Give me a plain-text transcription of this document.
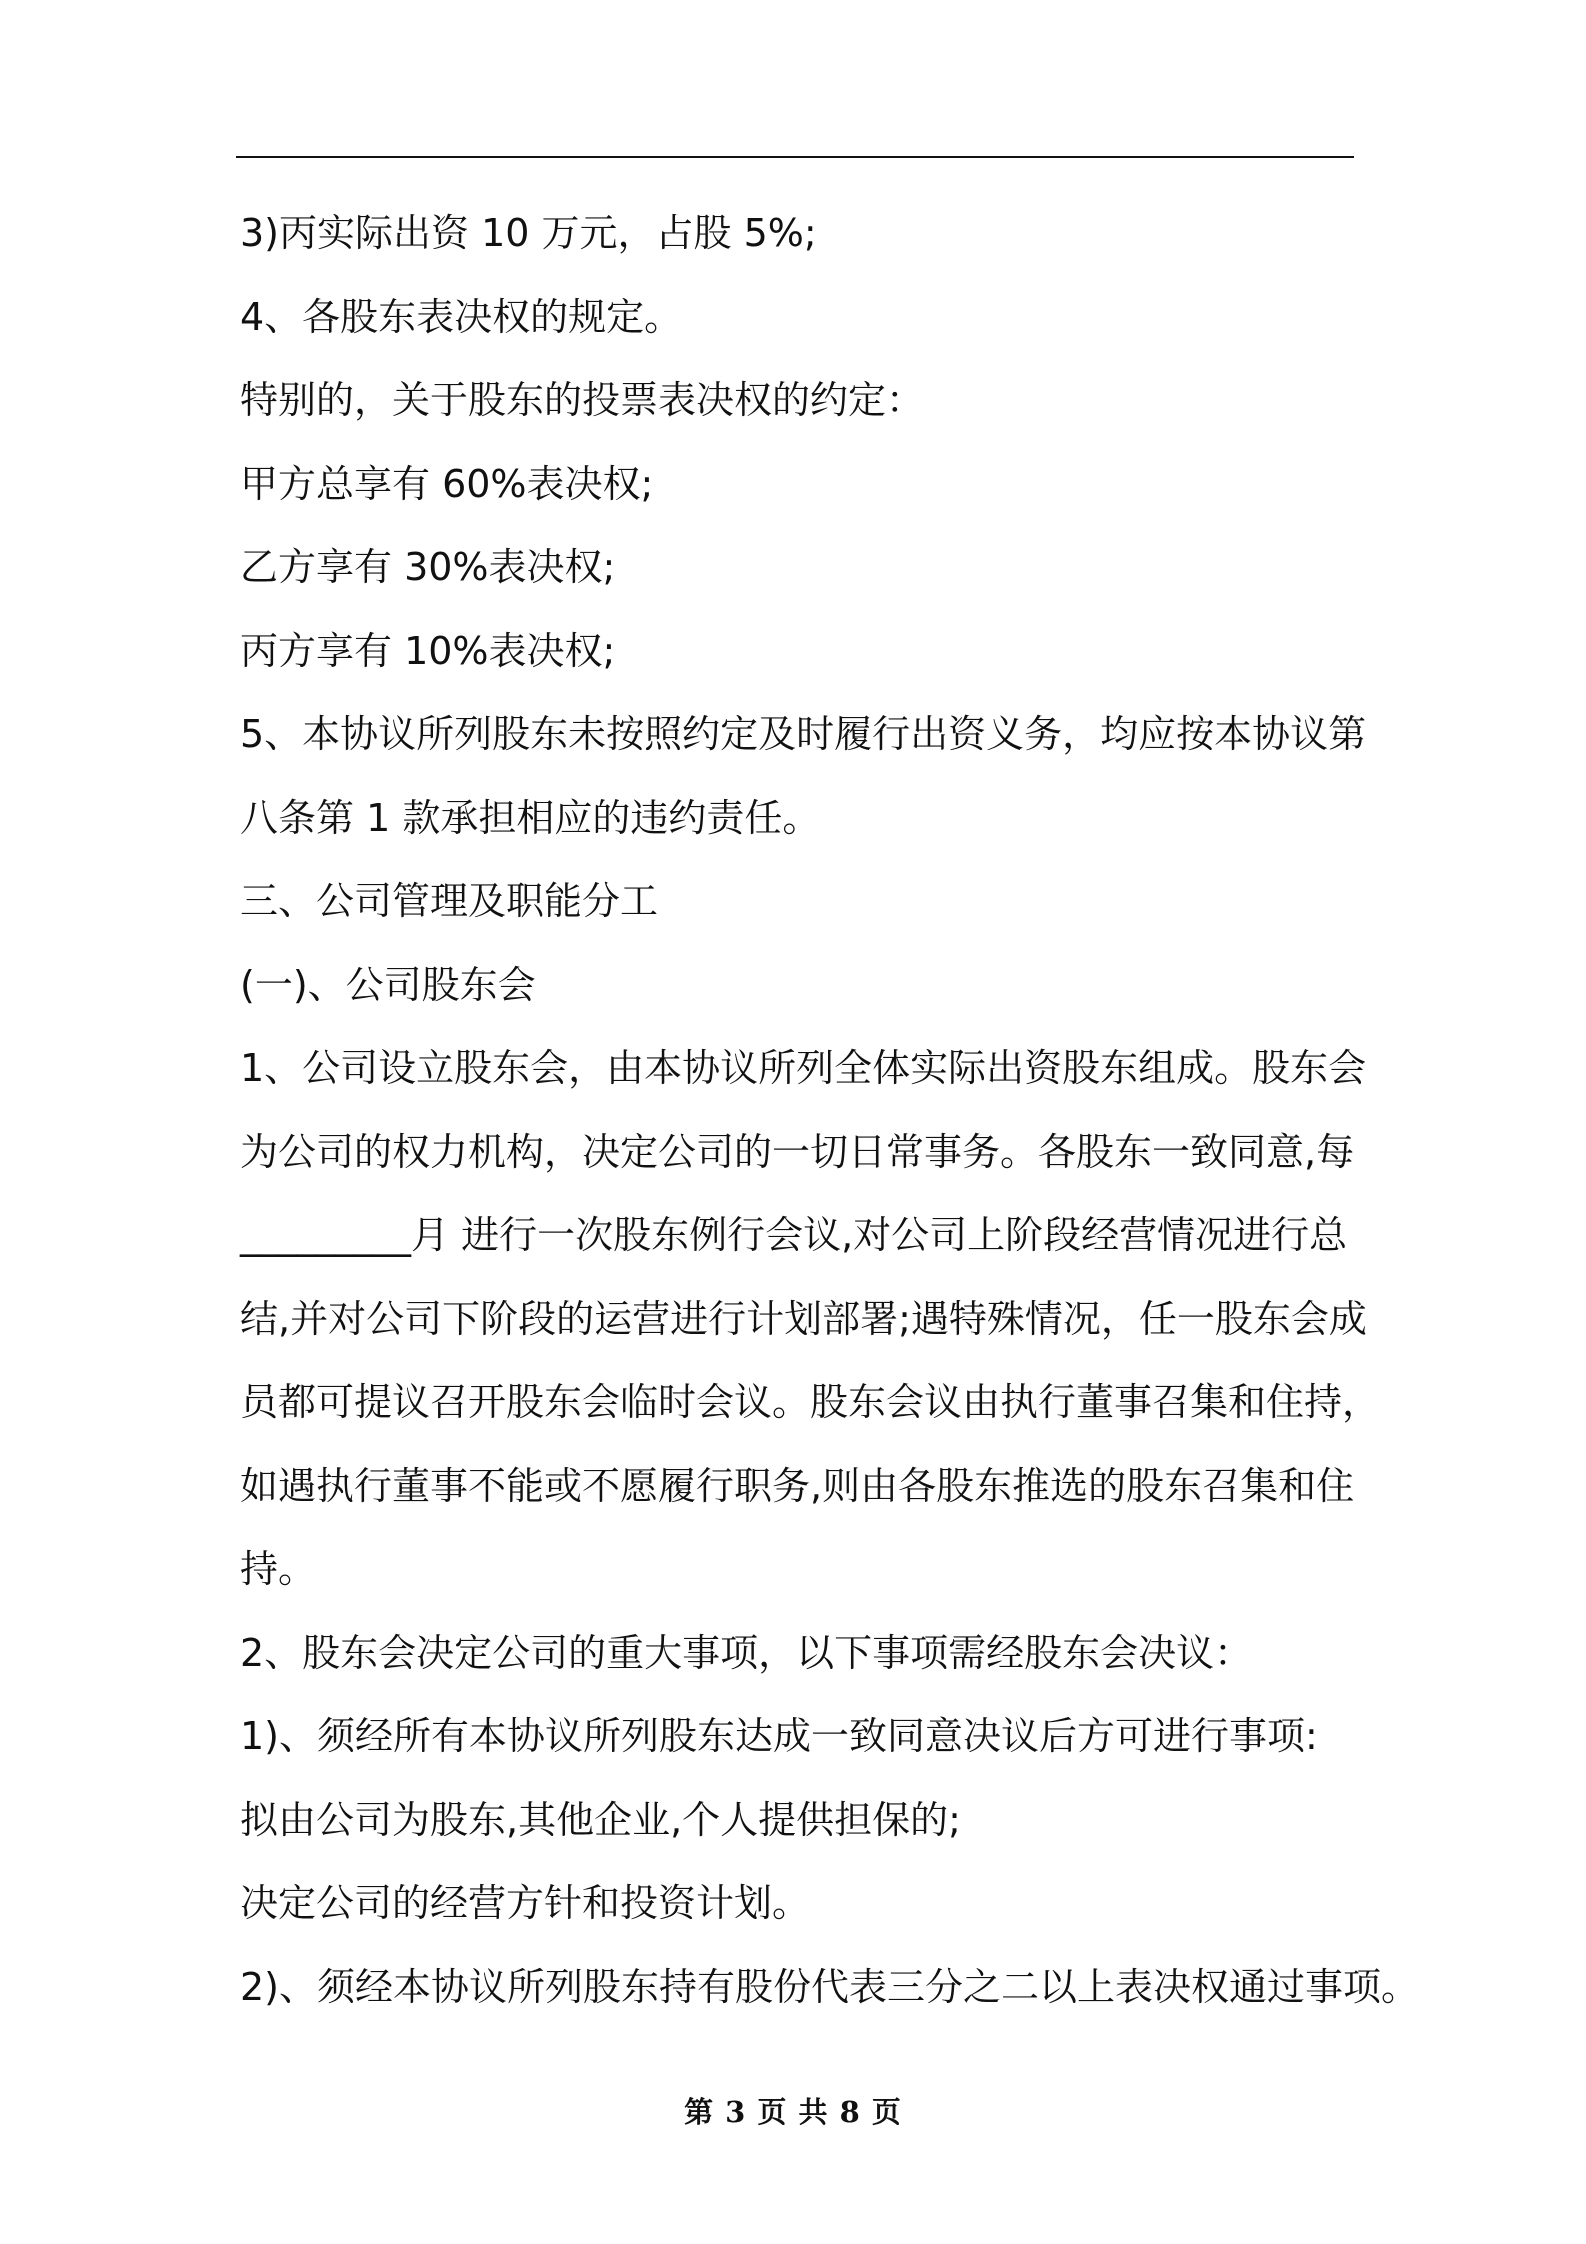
3)丙实际出资 10 万元，占股 5%;
4、各股东表决权的规定。
特别的，关于股东的投票表决权的约定：
甲方总享有 60%表决权;
乙方享有 30%表决权;
丙方享有 10%表决权;
5、本协议所列股东未按照约定及时履行出资义务，均应按本协议第
八条第 1 款承担相应的违约责任。
三、公司管理及职能分工
(一)、公司股东会
1、公司设立股东会，由本协议所列全体实际出资股东组成。股东会
为公司的权力机构，决定公司的一切日常事务。各股东一致同意,每
_________月 进行一次股东例行会议,对公司上阶段经营情况进行总
结,并对公司下阶段的运营进行计划部署;遇特殊情况，任一股东会成
员都可提议召开股东会临时会议。股东会议由执行董事召集和住持，
如遇执行董事不能或不愿履行职务,则由各股东推选的股东召集和住
持。
2、股东会决定公司的重大事项，以下事项需经股东会决议：
1)、须经所有本协议所列股东达成一致同意决议后方可进行事项:
拟由公司为股东,其他企业,个人提供担保的;
决定公司的经营方针和投资计划。
2)、须经本协议所列股东持有股份代表三分之二以上表决权通过事项。
第 3 页 共 8 页
